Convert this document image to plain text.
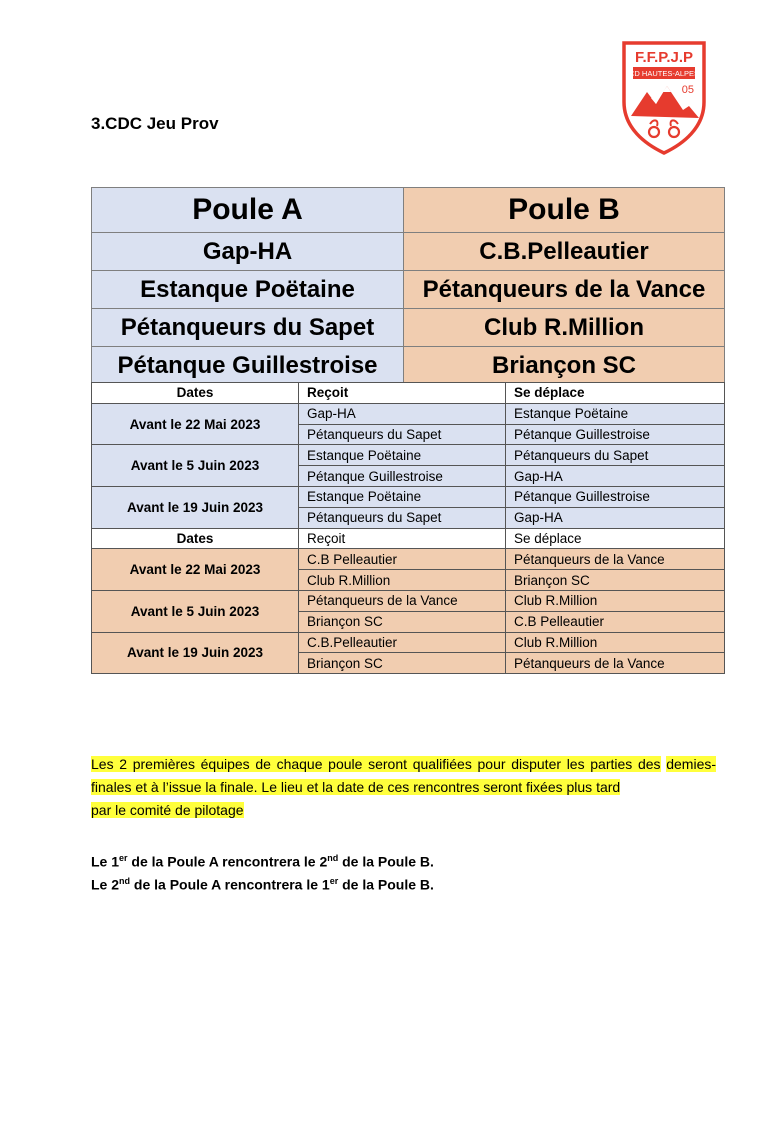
3.CDC Jeu Prov
F.F.P.J.P
CD HAUTES-ALPES
05
Poule A	Poule B
Gap-HA	C.B.Pelleautier
Estanque Poëtaine	Pétanqueurs de la Vance
Pétanqueurs du Sapet	Club R.Million
Pétanque Guillestroise	Briançon SC
Dates	Reçoit	Se déplace
Avant le 22 Mai 2023	Gap-HA	Estanque Poëtaine
	Pétanqueurs du Sapet	Pétanque Guillestroise
Avant le 5 Juin 2023	Estanque Poëtaine	Pétanqueurs du Sapet
	Pétanque Guillestroise	Gap-HA
Avant le 19 Juin 2023	Estanque Poëtaine	Pétanque Guillestroise
	Pétanqueurs du Sapet	Gap-HA
Dates	Reçoit	Se déplace
Avant le 22 Mai 2023	C.B Pelleautier	Pétanqueurs de la Vance
	Club R.Million	Briançon SC
Avant le 5 Juin 2023	Pétanqueurs de la Vance	Club R.Million
	Briançon SC	C.B Pelleautier
Avant le 19 Juin 2023	C.B.Pelleautier	Club R.Million
	Briançon SC	Pétanqueurs de la Vance
Les 2 premières équipes de chaque poule seront qualifiées pour disputer les parties des demies-finales et à l’issue la finale. Le lieu et la date de ces rencontres seront fixées plus tard
par le comité de pilotage
Le 1er de la Poule A rencontrera le 2nd de la Poule B.
Le 2nd de la Poule A rencontrera le 1er de la Poule B.
